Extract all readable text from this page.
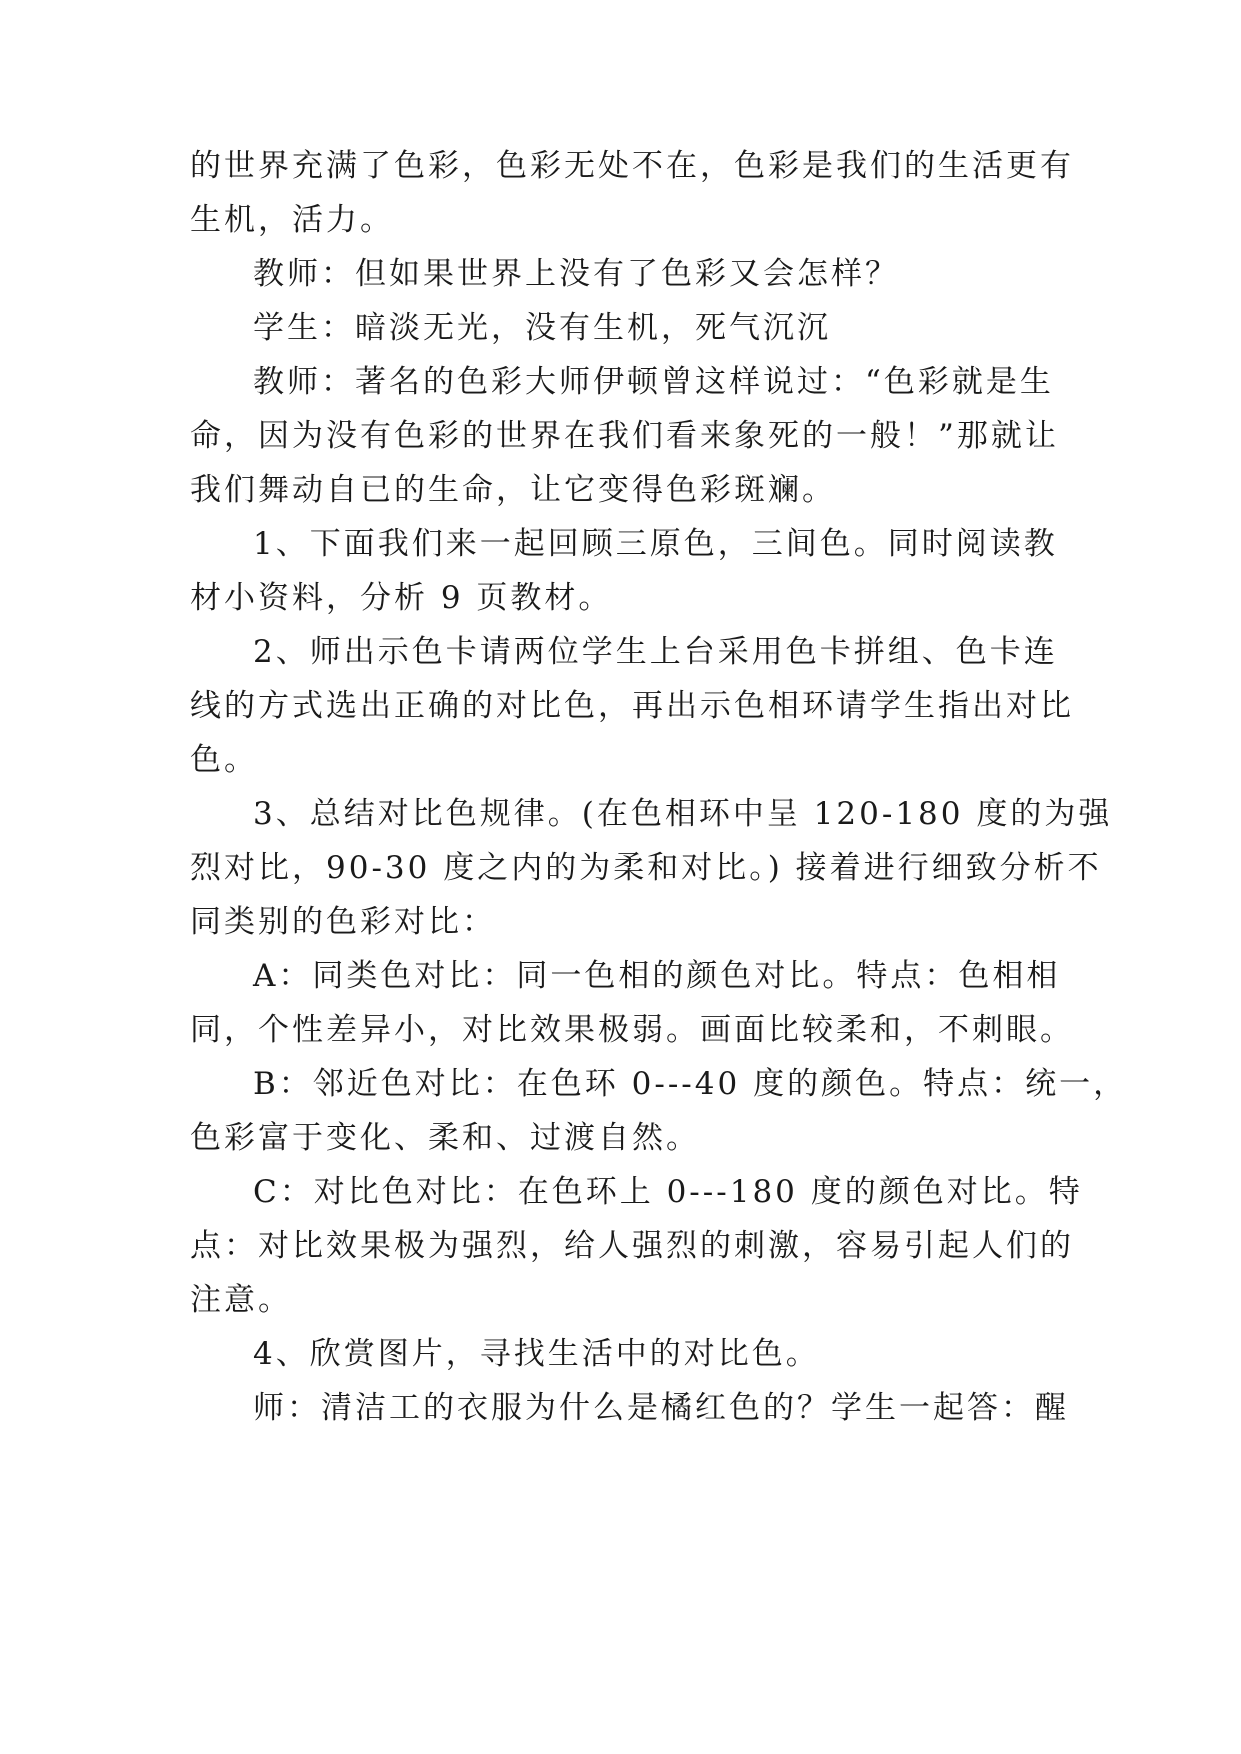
的世界充满了色彩，色彩无处不在，色彩是我们的生活更有
生机，活力。
教师：但如果世界上没有了色彩又会怎样？
学生：暗淡无光，没有生机，死气沉沉
教师：著名的色彩大师伊顿曾这样说过：“色彩就是生
命，因为没有色彩的世界在我们看来象死的一般！”那就让
我们舞动自已的生命，让它变得色彩斑斓。
1、下面我们来一起回顾三原色，三间色。同时阅读教
材小资料，分析 9 页教材。
2、师出示色卡请两位学生上台采用色卡拼组、色卡连
线的方式选出正确的对比色，再出示色相环请学生指出对比
色。
3、总结对比色规律。(在色相环中呈 120-180 度的为强
烈对比，90-30 度之内的为柔和对比。) 接着进行细致分析不
同类别的色彩对比：
A：同类色对比：同一色相的颜色对比。特点：色相相
同，个性差异小，对比效果极弱。画面比较柔和，不刺眼。
B：邻近色对比：在色环 0---40 度的颜色。特点：统一，
色彩富于变化、柔和、过渡自然。
C：对比色对比：在色环上 0---180 度的颜色对比。特
点：对比效果极为强烈，给人强烈的刺激，容易引起人们的
注意。
4、欣赏图片，寻找生活中的对比色。
师：清洁工的衣服为什么是橘红色的？学生一起答：醒
